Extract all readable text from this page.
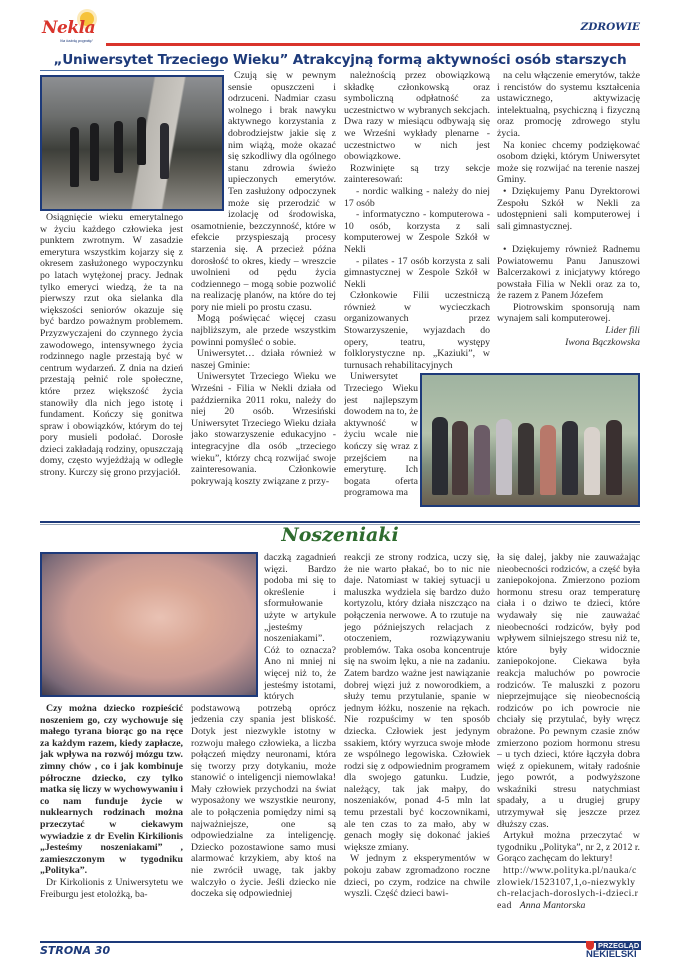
Nekla
Na każdą pogodę!
ZDROWIE
„Uniwersytet Trzeciego Wieku” Atrakcyjną formą aktywności osób starszych

Osiągnięcie wieku emerytalnego w życiu każdego człowieka jest punktem zwrotnym. W zasadzie emerytura wszystkim kojarzy się z okresem zasłużonego wypoczynku po latach wytężonej pracy. Jednak tylko emeryci wiedzą, że ta na pierwszy rzut oka sielanka dla większości seniorów okazuje się być bardzo poważnym problemem. Przyzwyczajeni do czynnego życia zawodowego, intensywnego życia rodzinnego nagle przestają być w centrum wydarzeń. Z dnia na dzień przestają pełnić role społeczne, które przez większość życia stanowiły dla nich jego istotę i fundament. Kończy się gonitwa spraw i obowiązków, którym do tej pory musieli podołać. Dorosłe dzieci zakładają rodziny, opuszczają domy, często wyjeżdżają w odległe strony. Kurczy się grono przyjaciół.

Czują się w pewnym sensie opuszczeni i odrzuceni. Nadmiar czasu wolnego i brak nawyku aktywnego korzystania z dobrodziejstw jakie się z nim wiążą, może okazać się szkodliwy dla ogólnego stanu zdrowia świeżo upieczonych emerytów. Ten zasłużony odpoczynek może się przerodzić w izolację od środowiska, osamotnienie, bezczynność, które w efekcie przyspieszają procesy starzenia się. A przecież późna dorosłość to okres, kiedy – wreszcie uwolnieni od pędu życia codziennego – mogą sobie pozwolić na realizację planów, na które do tej pory nie mieli po prostu czasu.

Mogą poświęcać więcej czasu najbliższym, ale przede wszystkim powinni pomyśleć o sobie.

Uniwersytet… działa również w naszej Gminie:

Uniwersytet Trzeciego Wieku we Wrześni - Filia w Nekli działa od października 2011 roku, należy do niej 20 osób. Wrzesiński Uniwersytet Trzeciego Wieku działa jako stowarzyszenie edukacyjno - integracyjne dla osób „trzeciego wieku”, którzy chcą rozwijać swoje zainteresowania. Członkowie pokrywają koszty związane z przy-

należnością przez obowiązkową składkę członkowską oraz symboliczną odpłatność za uczestnictwo w wybranych sekcjach. Dwa razy w miesiącu odbywają się we Wrześni wykłady plenarne - uczestnictwo w nich jest obowiązkowe.

Rozwinięte są trzy sekcje zainteresowań:

- nordic walking - należy do niej 17 osób

- informatyczno - komputerowa - 10 osób, korzysta z sali komputerowej w Zespole Szkół w Nekli

- pilates - 17 osób korzysta z sali gimnastycznej w Zespole Szkół w Nekli

Członkowie Filii uczestniczą również w wycieczkach organizowanych przez Stowarzyszenie, wyjazdach do opery, teatru, występy folklorystyczne np. „Kaziuki”, w turnusach rehabilitacyjnych

Uniwersytet Trzeciego Wieku jest najlepszym dowodem na to, że aktywność w życiu wcale nie kończy się wraz z przejściem na emeryturę. Ich bogata oferta programowa ma

na celu włączenie emerytów, także i rencistów do systemu kształcenia ustawicznego, aktywizację intelektualną, psychiczną i fizyczną oraz promocję zdrowego stylu życia.

Na koniec chcemy podziękować osobom dzięki, którym Uniwersytet może się rozwijać na terenie naszej Gminy.

• Dziękujemy Panu Dyrektorowi Zespołu Szkół w Nekli za udostępnieni sali komputerowej i sali gimnastycznej.

• Dziękujemy również Radnemu Powiatowemu Panu Januszowi Balcerzakowi z inicjatywy którego powstała Filia w Nekli oraz za to, że razem z Panem Józefem

Piotrowskim sponsorują nam wynajem sali komputerowej.

Lider fili

Iwona Bączkowska

Noszeniaki

Czy można dziecko rozpieścić noszeniem go, czy wychowuje się małego tyrana biorąc go na ręce za każdym razem, kiedy zapłacze, jak wpływa na rozwój mózgu tzw. zimny chów , co i jak kombinuje półroczne dziecko, czy tylko matka się liczy w wychowywaniu i co nam funduje życie w nuklearnych rodzinach można przeczytać w ciekawym wywiadzie z dr Evelin Kirkilionis „Jesteśmy noszeniakami” , zamieszczonym w tygodniku „Polityka”.

Dr Kirkolionis z Uniwersytetu we Freiburgu jest etolożką, ba-

daczką zagadnień więzi. Bardzo podoba mi się to określenie i sformułowanie użyte w artykule „jesteśmy noszeniakami”. Cóż to oznacza? Ano ni mniej ni więcej niż to, że jesteśmy istotami, których podstawową potrzebą oprócz jedzenia czy spania jest bliskość. Dotyk jest niezwykle istotny w rozwoju małego człowieka, a liczba połączeń między neuronami, która się tworzy przy dotykaniu, może stanowić o inteligencji niemowlaka! Mały człowiek przychodzi na świat wyposażony we wszystkie neurony, ale to połączenia pomiędzy nimi są najważniejsze, one są odpowiedzialne za inteligencję. Dziecko pozostawione samo musi alarmować krzykiem, aby ktoś na nie zwrócił uwagę, tak jakby walczyło o życie. Jeśli dziecko nie doczeka się odpowiedniej

reakcji ze strony rodzica, uczy się, że nie warto płakać, bo to nic nie daje. Natomiast w takiej sytuacji u maluszka wydziela się bardzo dużo kortyzolu, który działa niszcząco na połączenia nerwowe. A to rzutuje na jego późniejszych relacjach z otoczeniem, rozwiązywaniu problemów. Taka osoba koncentruje się na swoim lęku, a nie na zadaniu. Zatem bardzo ważne jest nawiązanie dobrej więzi już z noworodkiem, a służy temu przytulanie, spanie w jednym łóżku, noszenie na rękach. Nie rozpuścimy w ten sposób dziecka. Człowiek jest jedynym ssakiem, który wyrzuca swoje młode ze wspólnego legowiska. Człowiek rodzi się z odpowiednim programem dla swojego gatunku. Ludzie, należący, tak jak małpy, do noszeniaków, ponad 4-5 mln lat temu przestali być koczownikami, ale ten czas to za mało, aby w genach mogły się dokonać jakieś większe zmiany.

W jednym z eksperymentów w pokoju zabaw zgromadzono roczne dzieci, po czym, rodzice na chwile wyszli. Część dzieci bawi-

ła się dalej, jakby nie zauważając nieobecności rodziców, a część była zaniepokojona. Zmierzono poziom hormonu stresu oraz temperaturę ciała i o dziwo te dzieci, które wydawały się nie zauważać nieobecności rodziców, były pod wpływem silniejszego stresu niż te, które były widocznie zaniepokojone. Ciekawa była reakcja maluchów po powrocie rodziców. Te maluszki z pozoru nieprzejmujące się nieobecnością rodziców po ich powrocie nie chciały się przytulać, były wręcz obrażone. Po pewnym czasie znów zmierzono poziom hormonu stresu – u tych dzieci, które łączyła dobra więź z opiekunem, witały radośnie jego powrót, a podwyższone wskaźniki stresu natychmiast spadały, a u drugiej grupy utrzymywał się jeszcze przez dłuższy czas.

Artykuł można przeczytać w tygodniku „Polityka”, nr 2, z 2012 r. Gorąco zachęcam do lektury!

http://www.polityka.pl/nauka/czlowiek/1523107,1,o-niezwyklych-relacjach-doroslych-i-dzieci.read Anna Mantorska

STRONA 30	PRZEGLĄD
NEKIELSKI
